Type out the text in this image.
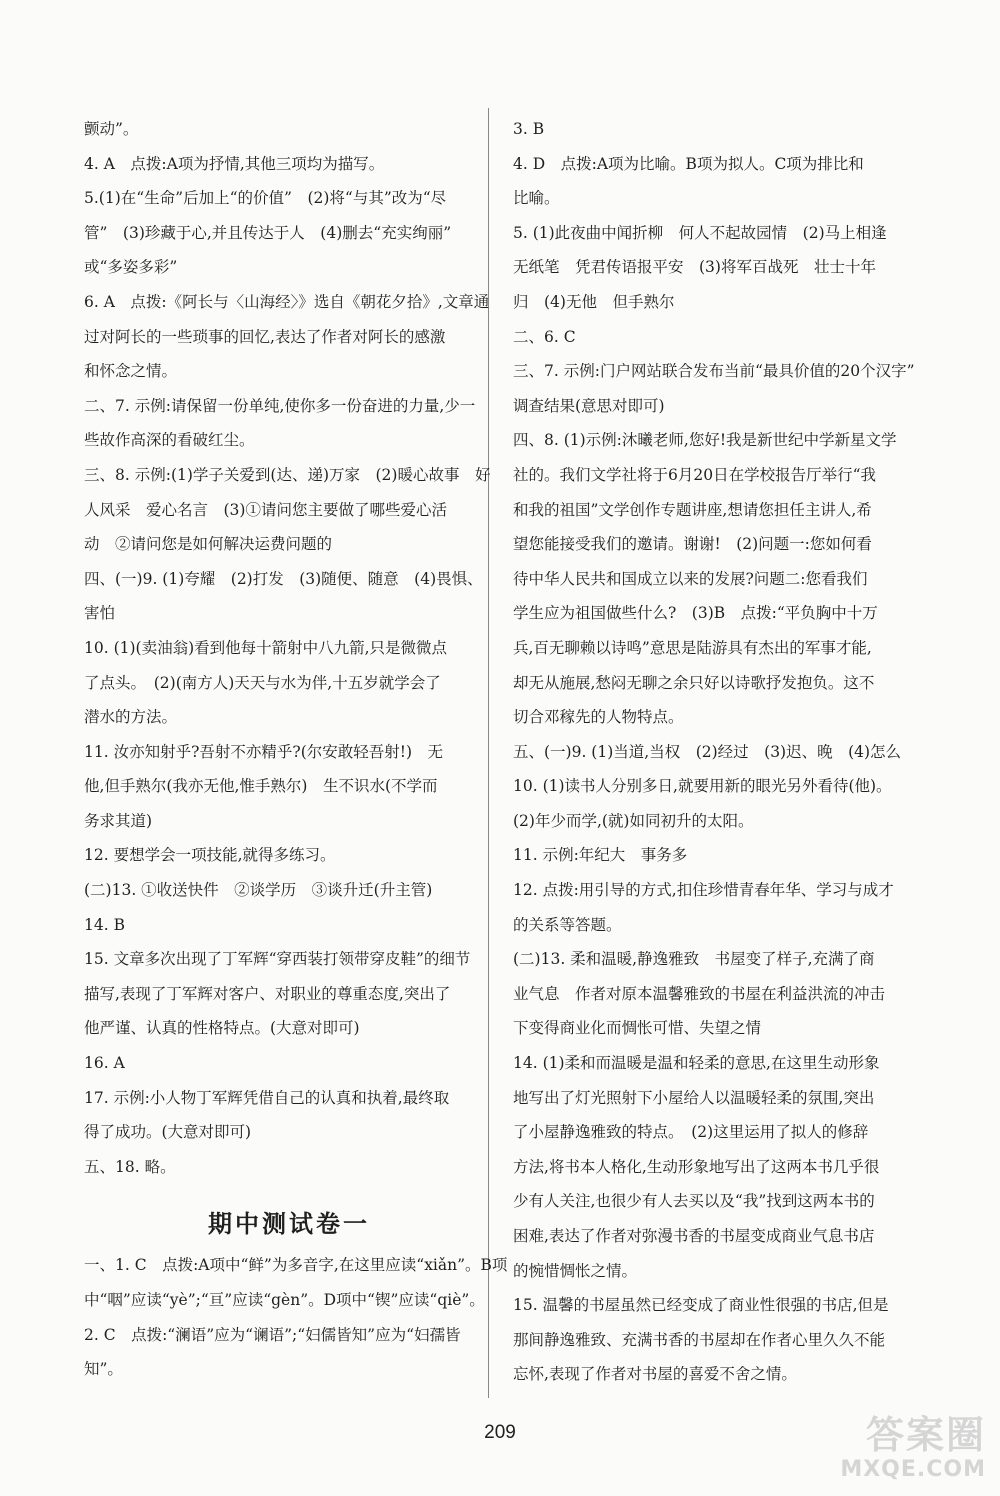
颤动”。
4. A　点拨:A项为抒情,其他三项均为描写。
5.(1)在“生命”后加上“的价值”　(2)将“与其”改为“尽
管”　(3)珍藏于心,并且传达于人　(4)删去“充实绚丽”
或“多姿多彩”
6. A　点拨:《阿长与〈山海经〉》选自《朝花夕拾》,文章通
过对阿长的一些琐事的回忆,表达了作者对阿长的感激
和怀念之情。
二、7. 示例:请保留一份单纯,使你多一份奋进的力量,少一
些故作高深的看破红尘。
三、8. 示例:(1)学子关爱到(达、递)万家　(2)暖心故事　好
人风采　爱心名言　(3)①请问您主要做了哪些爱心活
动　②请问您是如何解决运费问题的
四、(一)9. (1)夸耀　(2)打发　(3)随便、随意　(4)畏惧、
害怕
10. (1)(卖油翁)看到他每十箭射中八九箭,只是微微点
了点头。　(2)(南方人)天天与水为伴,十五岁就学会了
潜水的方法。
11. 汝亦知射乎?吾射不亦精乎?(尔安敢轻吾射!)　无
他,但手熟尔(我亦无他,惟手熟尔)　生不识水(不学而
务求其道)
12. 要想学会一项技能,就得多练习。
(二)13. ①收送快件　②谈学历　③谈升迁(升主管)
14. B
15. 文章多次出现了丁军辉“穿西装打领带穿皮鞋”的细节
描写,表现了丁军辉对客户、对职业的尊重态度,突出了
他严谨、认真的性格特点。(大意对即可)
16. A
17. 示例:小人物丁军辉凭借自己的认真和执着,最终取
得了成功。(大意对即可)
五、18. 略。
期中测试卷一
一、1. C　点拨:A项中“鲜”为多音字,在这里应读“xiǎn”。B项
中“咽”应读“yè”;“亘”应读“gèn”。D项中“锲”应读“qiè”。
2. C　点拨:“澜语”应为“谰语”;“妇儒皆知”应为“妇孺皆
知”。
3. B
4. D　点拨:A项为比喻。B项为拟人。C项为排比和
比喻。
5. (1)此夜曲中闻折柳　何人不起故园情　(2)马上相逢
无纸笔　凭君传语报平安　(3)将军百战死　壮士十年
归　(4)无他　但手熟尔
二、6. C
三、7. 示例:门户网站联合发布当前“最具价值的20个汉字”
调查结果(意思对即可)
四、8. (1)示例:沐曦老师,您好!我是新世纪中学新星文学
社的。我们文学社将于6月20日在学校报告厅举行“我
和我的祖国”文学创作专题讲座,想请您担任主讲人,希
望您能接受我们的邀请。谢谢!　(2)问题一:您如何看
待中华人民共和国成立以来的发展?问题二:您看我们
学生应为祖国做些什么?　(3)B　点拨:“平负胸中十万
兵,百无聊赖以诗鸣”意思是陆游具有杰出的军事才能,
却无从施展,愁闷无聊之余只好以诗歌抒发抱负。这不
切合邓稼先的人物特点。
五、(一)9. (1)当道,当权　(2)经过　(3)迟、晚　(4)怎么
10. (1)读书人分别多日,就要用新的眼光另外看待(他)。
(2)年少而学,(就)如同初升的太阳。
11. 示例:年纪大　事务多
12. 点拨:用引导的方式,扣住珍惜青春年华、学习与成才
的关系等答题。
(二)13. 柔和温暖,静逸雅致　书屋变了样子,充满了商
业气息　作者对原本温馨雅致的书屋在利益洪流的冲击
下变得商业化而惆怅可惜、失望之情
14. (1)柔和而温暖是温和轻柔的意思,在这里生动形象
地写出了灯光照射下小屋给人以温暖轻柔的氛围,突出
了小屋静逸雅致的特点。　(2)这里运用了拟人的修辞
方法,将书本人格化,生动形象地写出了这两本书几乎很
少有人关注,也很少有人去买以及“我”找到这两本书的
困难,表达了作者对弥漫书香的书屋变成商业气息书店
的惋惜惆怅之情。
15. 温馨的书屋虽然已经变成了商业性很强的书店,但是
那间静逸雅致、充满书香的书屋却在作者心里久久不能
忘怀,表现了作者对书屋的喜爱不舍之情。
209	答案圈
MXQE.COM
